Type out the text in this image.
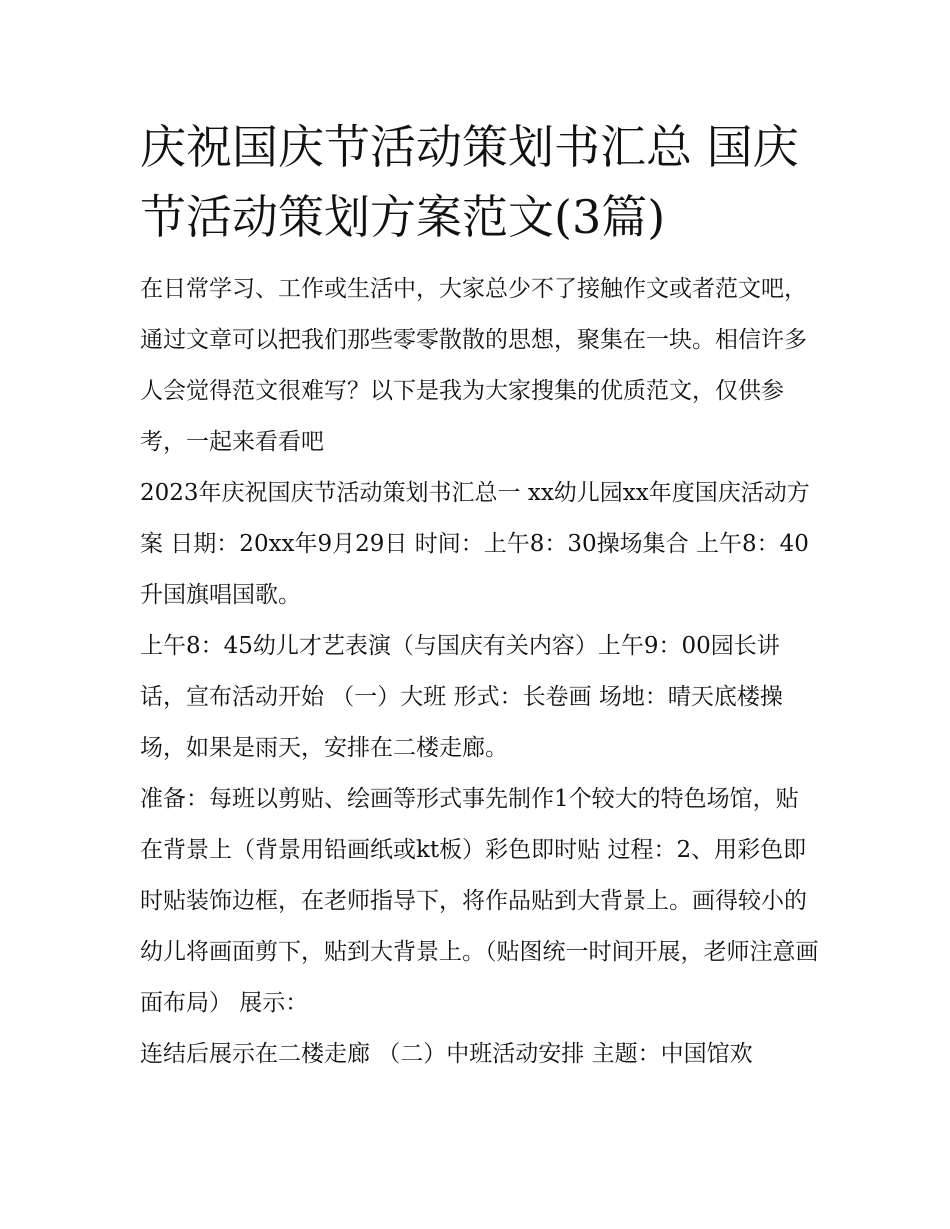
庆祝国庆节活动策划书汇总 国庆节活动策划方案范文(3篇)

在日常学习、工作或生活中，大家总少不了接触作文或者范文吧，通过文章可以把我们那些零零散散的思想，聚集在一块。相信许多人会觉得范文很难写？以下是我为大家搜集的优质范文，仅供参考，一起来看看吧

2023年庆祝国庆节活动策划书汇总一 xx幼儿园xx年度国庆活动方案 日期：20xx年9月29日 时间：上午8：30操场集合 上午8：40升国旗唱国歌。

上午8：45幼儿才艺表演（与国庆有关内容）上午9：00园长讲话，宣布活动开始 （一）大班 形式：长卷画 场地：晴天底楼操场，如果是雨天，安排在二楼走廊。

准备：每班以剪贴、绘画等形式事先制作1个较大的特色场馆，贴在背景上（背景用铅画纸或kt板）彩色即时贴 过程：2、用彩色即时贴装饰边框，在老师指导下，将作品贴到大背景上。画得较小的幼儿将画面剪下，贴到大背景上。（贴图统一时间开展，老师注意画面布局） 展示：

连结后展示在二楼走廊 （二）中班活动安排 主题：中国馆欢
